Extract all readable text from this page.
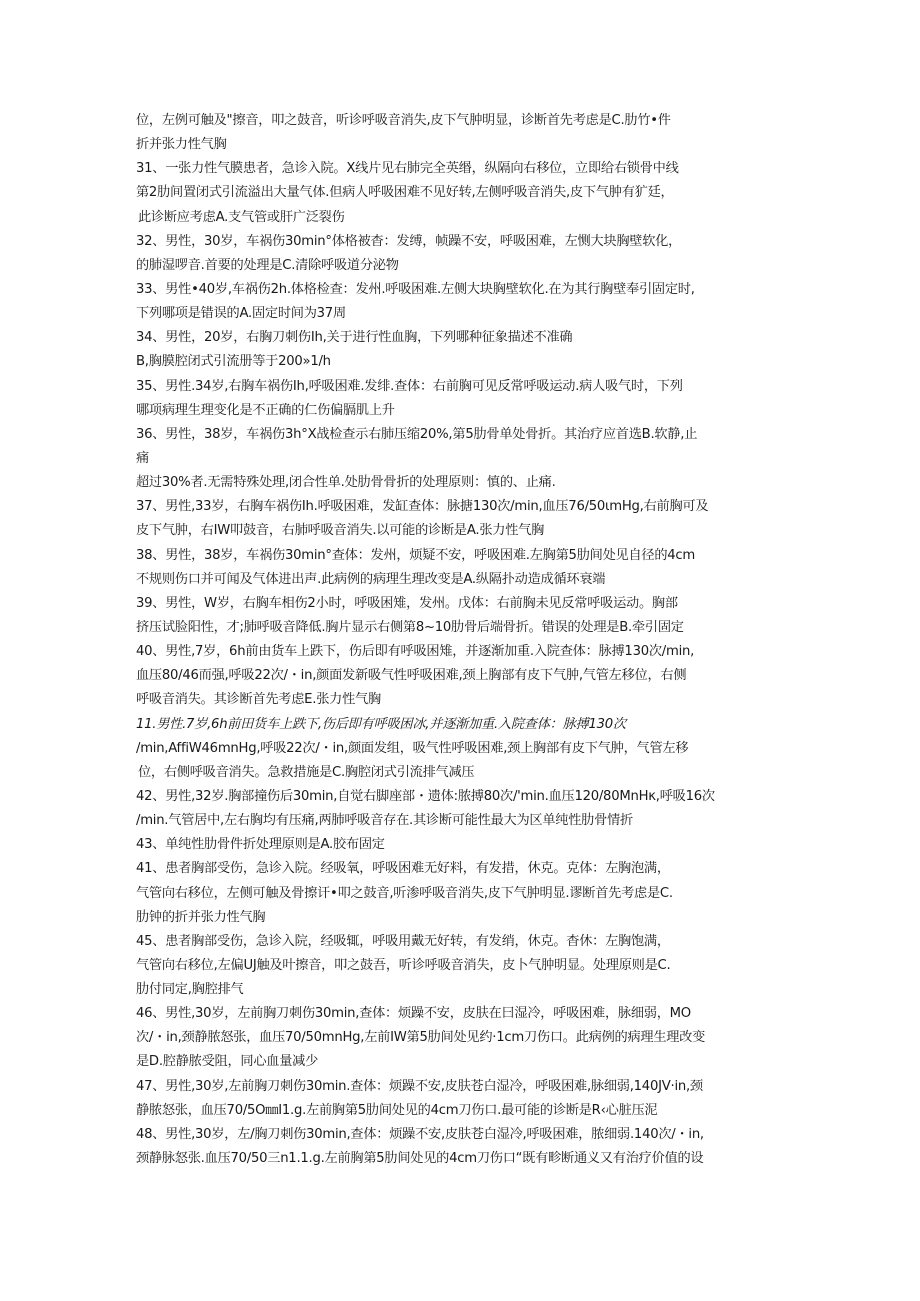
位，左例可触及"擦音，叩之鼓音，听诊呼吸音消失,皮下气肿明显，诊断首先考虑是C.肋竹•件
折并张力性气胸
31、一张力性气膜患者，急诊入院。X线片见右肺完全英缗，纵隔向右移位，立即给右锁骨中线
第2肋间置闭式引流溢出大量气体.但病人呼吸困难不见好转,左侧呼吸音消失,皮下气肿有犷廷，
此诊断应考虑A.支气管或肝广泛裂伤
32、男性，30岁，车祸伤30min°体格被杳：发缚，帧躁不安，呼吸困难，左恻大块胸壁软化，
的肺湿啰音.首要的处理是C.清除呼吸道分泌物
33、男性•40岁,车祸伤2h.体格检查：发州.呼吸困难.左侧大块胸壁软化.在为其行胸壁奉引固定时,
下列哪项是错误的A.固定时间为37周
34、男性，20岁，右胸刀刺伤Ih,关于进行性血胸，下列哪种征象描述不准确
B,胸膜腔闭式引流册等于200»1/h
35、男性.34岁,右胸车祸伤Ih,呼吸困难.发绯.查体：右前胸可见反常呼吸运动.病人吸气时，下列
哪项病理生理变化是不正确的仁伤偏膈肌上升
36、男性，38岁，车祸伤3h°X战检查示右肺压缩20%,第5肋骨单处骨折。其治疗应首选B.软静,止
痛
超过30%者.无需特殊处理,闭合性单.处肋骨骨折的处理原则：慎的、止痛.
37、男性,33岁，右胸车祸伤Ih.呼吸困难，发缸查体：脉搪130次/min,血压76∕50ιmHg,右前胸可及
皮下气肿，右IW叩鼓音，右肺呼吸音消失.以可能的诊断是A.张力性气胸
38、男性，38岁，车祸伤30min°查体：发州，烦疑不安，呼吸困难.左胸第5肋间处见自径的4cm
不规则伤口并可闻及气体进出声.此病例的病理生理改变是A.纵隔扑动造成循环衰端
39、男性，W岁，右胸车相伤2小时，呼吸困雉，发州。戊体：右前胸未见反常呼吸运动。胸部
挤压试脸阳性，才;肺呼吸音降低.胸片显示右侧第8~10肋骨后端骨折。错误的处理是B.牵引固定
40、男性,7岁，6h前由货车上跌下，伤后即有呼吸困雉，并逐渐加重.入院查体：脉搏130次/min,
血压80/46而强,呼吸22次/・in,颜面发新吸气性呼吸困难,颈上胸部有皮下气肿,气管左移位，右侧
呼吸音消失。其诊断首先考虑E.张力性气胸
11.男性.7岁,6h前田货车上跌下,伤后即有呼吸困冰,并逐渐加重.入院查体：脉搏130次
/min,AffiW46mnHg,呼吸22次/・in,颜面发组，吸气性呼吸困难,颈上胸部有皮下气肿，气管左移
位，右侧呼吸音消失。急救措施是C.胸腔闭式引流排气减压
42、男性,32岁.胸部撞伤后30min,自觉右脚座部・遗体:脓搏80次/'min.血压120/80MnHκ,呼吸16次
/min.气管居中,左右胸均有压痛,两肺呼吸音存在.其诊断可能性最大为区单纯性肋骨情折
43、单纯性肋骨件折处理原则是A.胶布固定
41、患者胸部受伤，急诊入院。经吸氧，呼吸困难无好料，有发措，休克。克体：左胸泡满，
气管向右移位，左侧可触及骨擦讦•叩之鼓音,听渗呼吸音消失,皮下气肿明显.谬断首先考虑是C.
肋钟的折并张力性气胸
45、患者胸部受伤，急诊入院，经吸辄，呼吸用戴无好转，有发绡，休克。杳休：左胸饱满，
气管向右移位,左偏UJ触及叶擦音，叩之鼓吾，听诊呼吸音消失，皮卜气肿明显。处理原则是C.
肋付同定,胸腔排气
46、男性,30岁，左前胸刀刺伤30min,查体：烦躁不安，皮肤在曰湿冷，呼吸困难，脉细弱，MO
次/・in,颈静脓怒张，血压70∕50mnHg,左前IW第5肋间处见约·1cm刀伤口。此病例的病理生理改变
是D.腔静脓受阻，同心血量减少
47、男性,30岁,左前胸刀刺伤30min.查体：烦躁不安,皮肤苍白湿冷，呼吸困难,脉细弱,140JV·in,颈
静脓怒张，血压70/5O㎜I1.g.左前胸第5肋间处见的4cm刀伤口.最可能的诊断是R‹心脏压泥
48、男性,30岁，左/胸刀刺伤30min,查体：烦躁不安,皮肤苍白湿冷,呼吸困难，脓细弱.140次/・in,
颈静脉怒张.血压70∕50三n1.1.g.左前胸第5肋间处见的4cm刀伤口“既有畛断通义又有治疗价值的设
